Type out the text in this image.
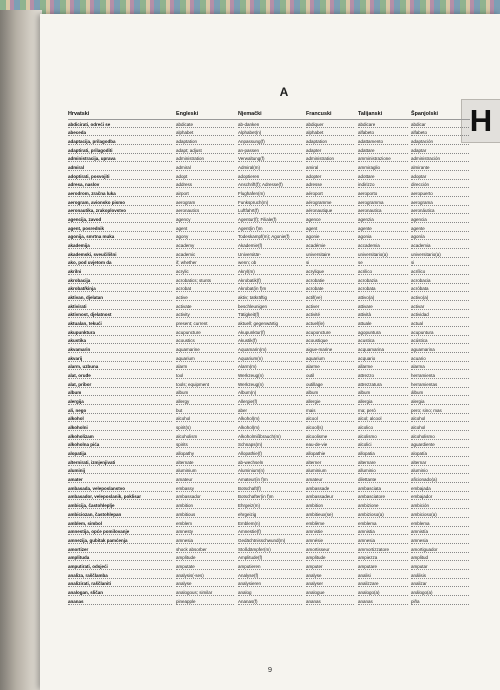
A
H
Hrvatski	Engleski	Njemački	Francuski	Talijanski	Španjolski
abdicirati, odreći se	abdicate	ab-danken	abdiquer	abdicare	abdicar
abeceda	alphabet	Alphabet(n)	alphabet	alfabeto	alfabeto
adaptacija, prilagodba	adaptation	Anpassung(f)	adaptation	adattamento	adaptación
adaptirati, prilagoditi	adapt; adjust	an-passen	adapter	adattare	adaptar
administracija, uprava	administration	Verwaltung(f)	administration	amministrazione	administración
admiral	admiral	Admiral(m)	amiral	ammiraglio	almirante
adoptirati, posvojiti	adopt	adoptieren	adopter	adottare	adoptar
adresa, naslov	address	Anschrift(f); Adresse(f)	adresse	indirizzo	dirección
aerodrom, zračna luka	airport	Flughafen(m)	aéroport	aeroporto	aeropuerto
aerogram, avionsko pismo	aerogram	Funkspruch(m)	aérogramme	aerogramma	aerograma
aeronautika, zrakoplovstvo	aeronautics	Luftfahrt(f)	aéronautique	aeronautica	aeronáutica
agencija, zavod	agency	Agentur(f); Filiale(f)	agence	agenzia	agencia
agent, posrednik	agent	Agent(in f)m	agent	agente	agente
agonija, smrtna muka	agony	Todeskampf(m); Agonie(f)	agonie	agonia	agonía
akademija	academy	Akademie(f)	académie	accademia	academia
akademski, sveučilišni	academic	Universitär-	universitaire	universitario(a)	universitario(a)
ako, pod uvjetom da	if; whether	wenn; ob	si	se	si
akrilni	acrylic	Akryl(m)	acrylique	acrilico	acrílico
akrobacija	acrobatics; stunts	Akrobatik(f)	acrobatie	acrobazia	acrobacia
akrobat/kinja	acrobat	Akrobat(in f)m	acrobate	acrobata	acróbata
aktivan, djelatan	active	aktiv; tatkräftig	actif(ve)	attivo(a)	activo(a)
aktivirati	activate	beschleunigen	activer	attivare	activar
aktivnost, djelatnost	activity	Tätigkeit(f)	activité	attività	actividad
aktualan, tekući	present; current	aktuell; gegenwärtig	actuel(le)	attuale	actual
akupunktura	acupuncture	Akupunktur(f)	acuponcture	agopuntura	acupuntura
akustika	acoustics	Akustik(f)	acoustique	acustica	acústica
akvamarin	aquamarine	Aquamarin(m)	aigue-marine	acquamarina	aguamarina
akvarij	aquarium	Aquarium(n)	aquarium	acquario	acuario
alarm, uzbuna	alarm	Alarm(m)	alarme	allarme	alarma
alat, oruđe	tool	Werkzeug(n)	outil	attrezzo	herramienta
alat, pribor	tools; equipment	Werkzeug(n)	outillage	attrezzatura	herramientas
album	album	Album(n)	album	album	álbum
alergija	allergy	Allergie(f)	allergie	allergia	alergia
ali, nego	but	aber	mais	ma; però	pero; sino; mas
alkohol	alcohol	Alkohol(m)	alcool	alcol; alcool	alcohol
alkoholni	spirit(s)	Alkohol(m)	alcool(s)	alcolico	alcohol
alkoholizam	alcoholism	Alkoholmißbrauch(m)	alcoolisme	alcolismo	alcoholismo
alkoholna pića	spirits	Schnaps(m)	eau-de-vie	alcolici	aguardiente
alopatija	allopathy	Allopathie(f)	allopathie	allopatia	alopatía
alternirati, izmjenjivati	alternate	ab-wechseln	alterner	alternare	alternar
aluminij	aluminium	Aluminium(n)	aluminium	alluminio	aluminio
amater	amateur	Amateur(in f)m	amateur	dilettante	aficionado(a)
ambasada, veleposlanstvo	embassy	Botschaft(f)	ambassade	ambasciata	embajada
ambasador, veleposlanik, poklisar	ambassador	Botschafter(in f)m	ambassadeur	ambasciatore	embajador
ambicija, častohleplje	ambition	Ehrgeiz(m)	ambition	ambizione	ambición
ambiciozan, častohlepan	ambitious	ehrgeizig	ambitieux(se)	ambizioso(a)	ambicioso(a)
amblem, simbol	emblem	Emblem(n)	emblème	emblema	emblema
amnestija, opće pomilovanje	amnesty	Amnestie(f)	amnistie	amnistia	amnistía
amnezija, gubitak pamćenja	amnesia	Gedächtnisschwund(m)	amnésie	amnesia	amnesia
amortizer	shock absorber	Stoßdämpfer(m)	amortisseur	ammortizzatore	amortiguador
amplituda	amplitude	Amplitude(f)	amplitude	ampiezza	amplitud
amputirati, odsjeći	amputate	amputieren	amputer	amputare	amputar
analiza, raščlamba	analysis(-ses)	Analyse(f)	analyse	analisi	análisis
analizirati, raščlaniti	analyse	analysieren	analyser	analizzare	analizar
analogan, sličan	analogous; similar	analog	analogue	analogo(a)	análogo(a)
ananas	pineapple	Ananas(f)	ananas	ananas	piña
9
